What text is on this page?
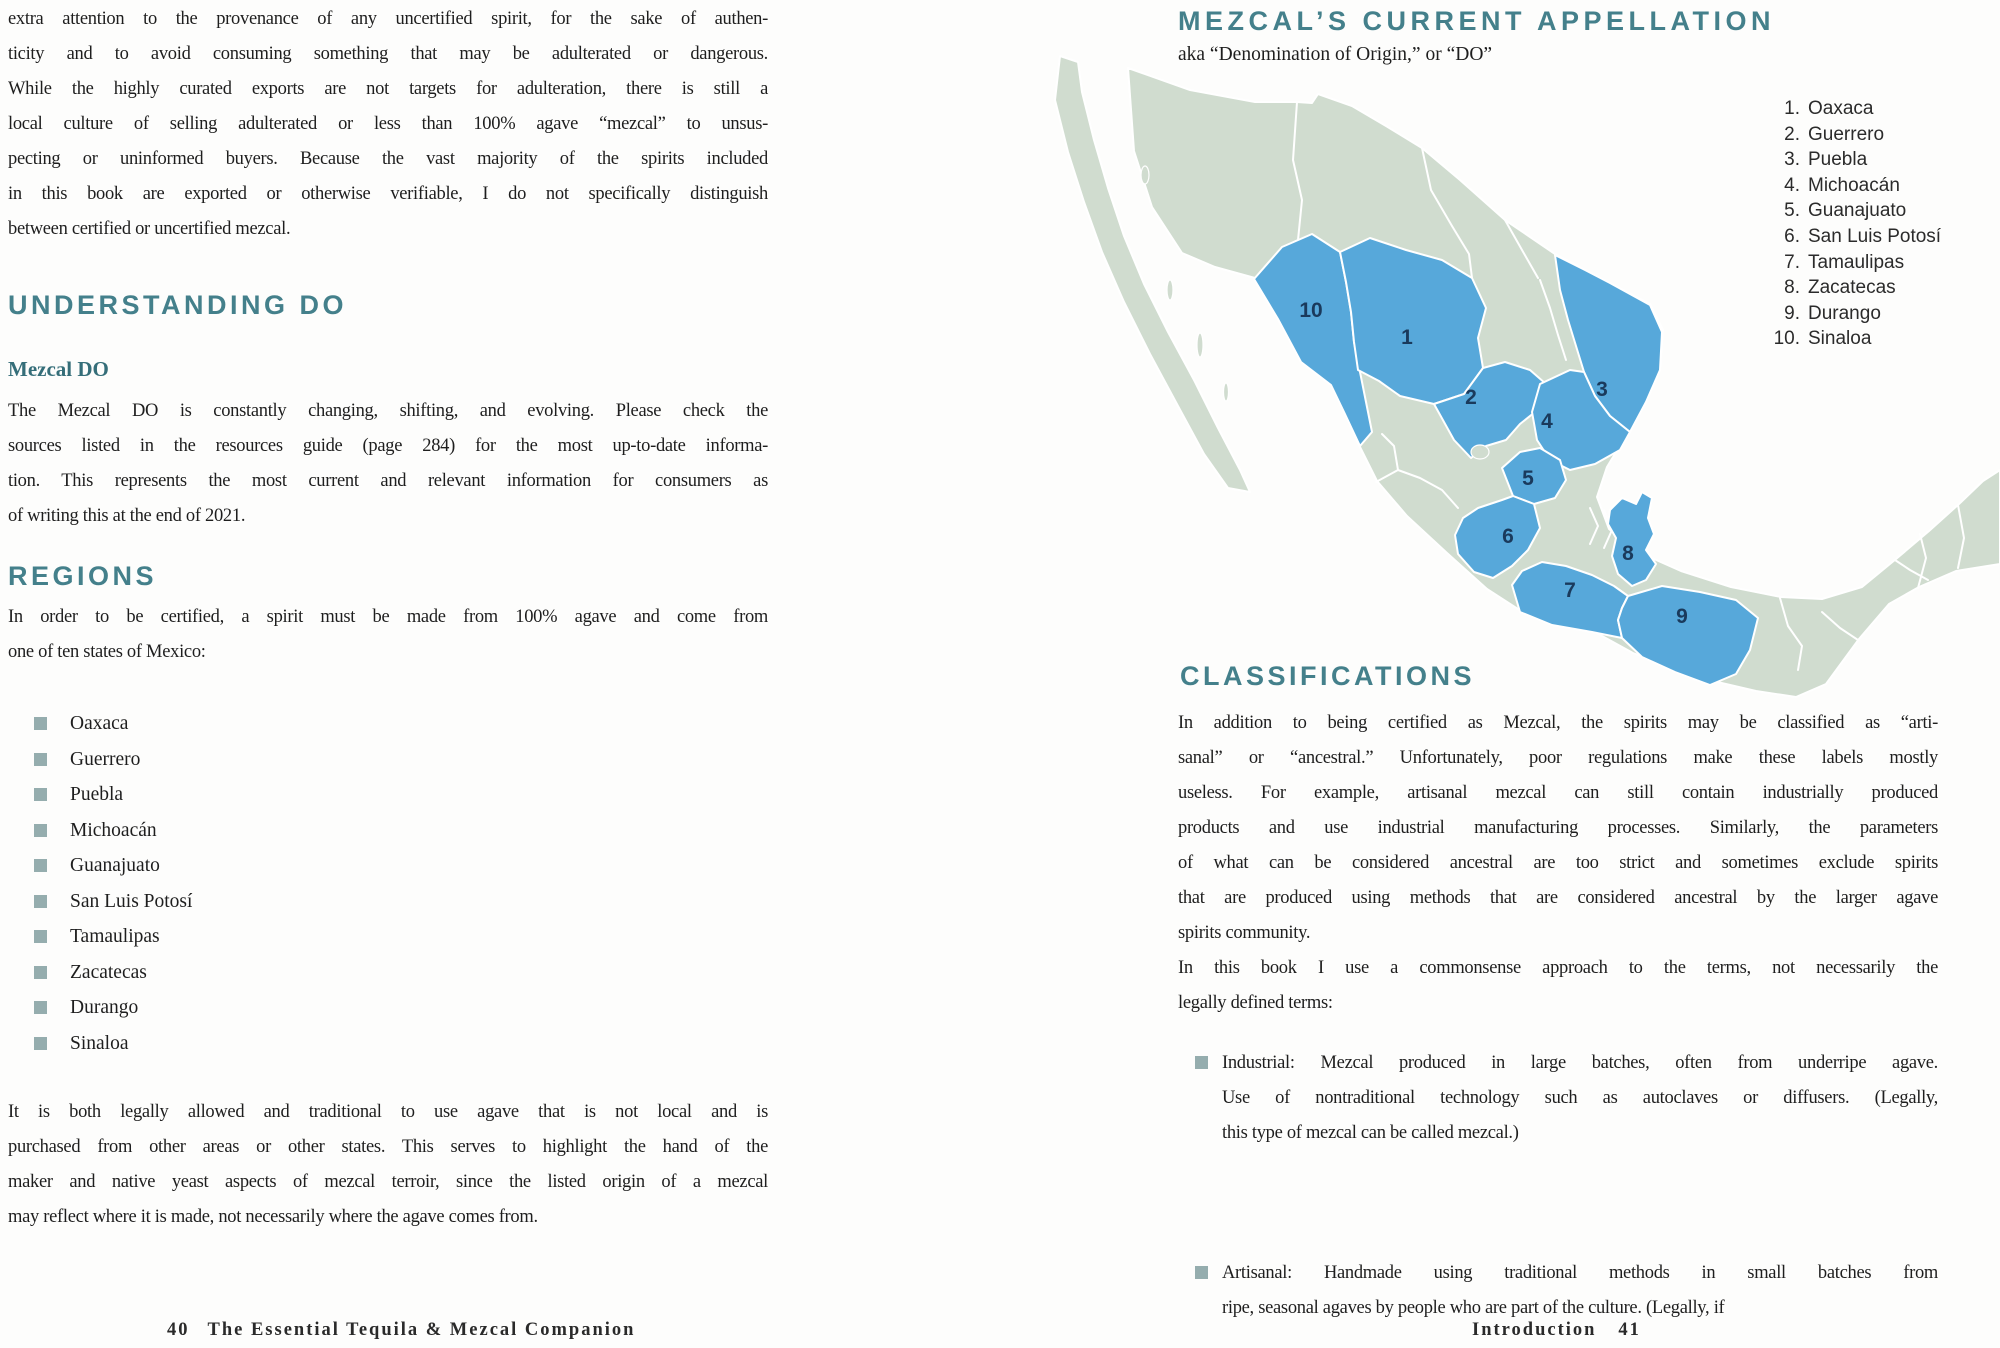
extra attention to the provenance of any uncertified spirit, for the sake of authen-
ticity and to avoid consuming something that may be adulterated or dangerous.
While the highly curated exports are not targets for adulteration, there is still a
local culture of selling adulterated or less than 100% agave “mezcal” to unsus-
pecting or uninformed buyers. Because the vast majority of the spirits included
in this book are exported or otherwise verifiable, I do not specifically distinguish
between certified or uncertified mezcal.
UNDERSTANDING DO
Mezcal DO
The Mezcal DO is constantly changing, shifting, and evolving. Please check the
sources listed in the resources guide (page 284) for the most up-to-date informa-
tion. This represents the most current and relevant information for consumers as
of writing this at the end of 2021.
REGIONS
In order to be certified, a spirit must be made from 100% agave and come from
one of ten states of Mexico:
Oaxaca
Guerrero
Puebla
Michoacán
Guanajuato
San Luis Potosí
Tamaulipas
Zacatecas
Durango
Sinaloa
It is both legally allowed and traditional to use agave that is not local and is
purchased from other areas or other states. This serves to highlight the hand of the
maker and native yeast aspects of mezcal terroir, since the listed origin of a mezcal
may reflect where it is made, not necessarily where the agave comes from.
40 The Essential Tequila & Mezcal Companion
MEZCAL’S CURRENT APPELLATION
aka “Denomination of Origin,” or “DO”
10
1
2	3
4
5
6
7
8
9
1. Oaxaca
2. Guerrero
3. Puebla
4. Michoacán
5. Guanajuato
6. San Luis Potosí
7. Tamaulipas
8. Zacatecas
9. Durango
10. Sinaloa
CLASSIFICATIONS
In addition to being certified as Mezcal, the spirits may be classified as “arti-
sanal” or “ancestral.” Unfortunately, poor regulations make these labels mostly
useless. For example, artisanal mezcal can still contain industrially produced
products and use industrial manufacturing processes. Similarly, the parameters
of what can be considered ancestral are too strict and sometimes exclude spirits
that are produced using methods that are considered ancestral by the larger agave
spirits community.
In this book I use a commonsense approach to the terms, not necessarily the
legally defined terms:
Industrial: Mezcal produced in large batches, often from underripe agave.
Use of nontraditional technology such as autoclaves or diffusers. (Legally,
this type of mezcal can be called mezcal.)
Artisanal: Handmade using traditional methods in small batches from
ripe, seasonal agaves by people who are part of the culture. (Legally, if
Introduction 41
